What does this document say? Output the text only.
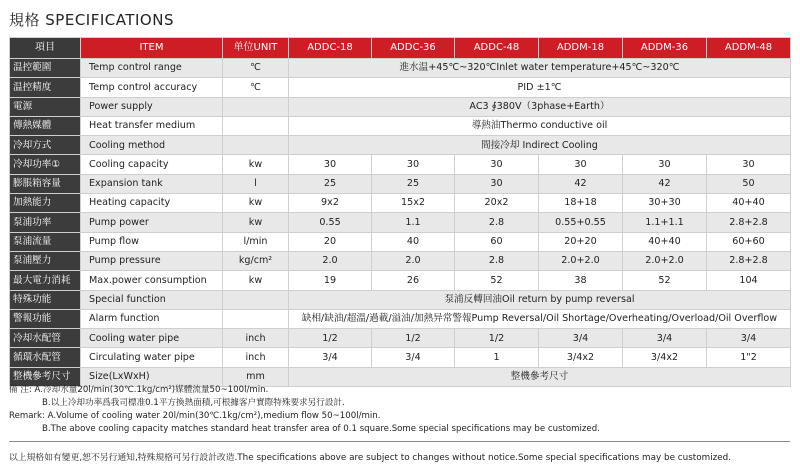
規格 SPECIFICATIONS
項目	ITEM	单位UNIT	ADDC-18	ADDC-36	ADDC-48	ADDM-18	ADDM-36	ADDM-48
温控範圍	Temp control range	℃	進水温+45℃~320℃Inlet water temperature+45℃~320℃					
温控精度	Temp control accuracy	℃	PID ±1℃					
電源	Power supply		AC3 ∮380V（3phase+Earth）					
傳熱媒體	Heat transfer medium		導熱油Thermo conductive oil					
冷却方式	Cooling method		間接冷却 Indirect Cooling					
冷却功率①	Cooling capacity	kw	30	30	30	30	30	30
膨脹箱容量	Expansion tank	l	25	25	30	42	42	50
加熱能力	Heating capacity	kw	9x2	15x2	20x2	18+18	30+30	40+40
泵浦功率	Pump power	kw	0.55	1.1	2.8	0.55+0.55	1.1+1.1	2.8+2.8
泵浦流量	Pump flow	l/min	20	40	60	20+20	40+40	60+60
泵浦壓力	Pump pressure	kg/cm²	2.0	2.0	2.8	2.0+2.0	2.0+2.0	2.8+2.8
最大電力消耗	Max.power consumption	kw	19	26	52	38	52	104
特殊功能	Special function		泵浦反轉回油Oil return by pump reversal					
警報功能	Alarm function		缺相/缺油/超溫/過載/溢油/加熱异常警報Pump Reversal/Oil Shortage/Overheating/Overload/Oil Overflow					
冷却水配管	Cooling water pipe	inch	1/2	1/2	1/2	3/4	3/4	3/4
循環水配管	Circulating water pipe	inch	3/4	3/4	1	3/4x2	3/4x2	1"2
整機參考尺寸	Size(LxWxH)	mm	整機參考尺寸					
備 注: A.冷却水量20l/min(30℃.1kg/cm²)媒體流量50~100l/min.
B.以上冷却功率爲我司標准0.1平方換熱面積,可根據客户實際特殊要求另行設計.
Remark: A.Volume of cooling water 20l/min(30℃.1kg/cm²),medium flow 50~100l/min.
B.The above cooling capacity matches standard heat transfer area of 0.1 square.Some special specifications may be customized.
以上規格如有變更,恕不另行通知,特殊規格可另行設計改造.The specifications above are subject to changes without notice.Some special specifications may be customized.
